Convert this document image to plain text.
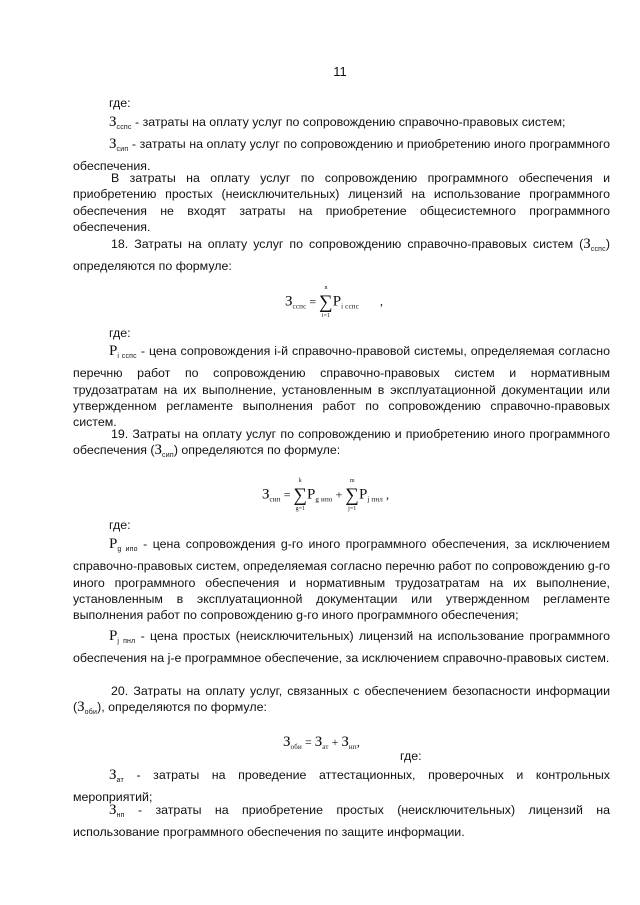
11
где:
$З_{сспс}$ - затраты на оплату услуг по сопровождению справочно-правовых систем;
$З_{сип}$ - затраты на оплату услуг по сопровождению и приобретению иного программного обеспечения.
В затраты на оплату услуг по сопровождению программного обеспечения и приобретению простых (неисключительных) лицензий на использование программного обеспечения не входят затраты на приобретение общесистемного программного обеспечения.
18. Затраты на оплату услуг по сопровождению справочно-правовых систем $(З_{сспс})$ определяются по формуле:
$З_{сспс}$ =
n
∑
i=1
$P_{i сспс}$ ,
где:
$P_{i сспс}$ - цена сопровождения i-й справочно-правовой системы, определяемая согласно перечню работ по сопровождению справочно-правовых систем и нормативным трудозатратам на их выполнение, установленным в эксплуатационной документации или утвержденном регламенте выполнения работ по сопровождению справочно-правовых систем.
19. Затраты на оплату услуг по сопровождению и приобретению иного программного обеспечения $(З_{сип})$ определяются по формуле:
$З_{сип}$ =
k
∑
g=1
$P_{g ипо}$ +
m
∑
j=1
$P_{j пнл}$ ,
где:
$P_{g ипо}$ - цена сопровождения g-го иного программного обеспечения, за исключением справочно-правовых систем, определяемая согласно перечню работ по сопровождению g-го иного программного обеспечения и нормативным трудозатратам на их выполнение, установленным в эксплуатационной документации или утвержденном регламенте выполнения работ по сопровождению g-го иного программного обеспечения;
$P_{j пнл}$ - цена простых (неисключительных) лицензий на использование программного обеспечения на j-е программное обеспечение, за исключением справочно-правовых систем.
20. Затраты на оплату услуг, связанных с обеспечением безопасности информации $(З_{оби})$, определяются по формуле:
$З_{оби} = З_{ат} + З_{нп}$,
где:
$З_{ат}$ - затраты на проведение аттестационных, проверочных и контрольных мероприятий;
$З_{нп}$ - затраты на приобретение простых (неисключительных) лицензий на использование программного обеспечения по защите информации.
